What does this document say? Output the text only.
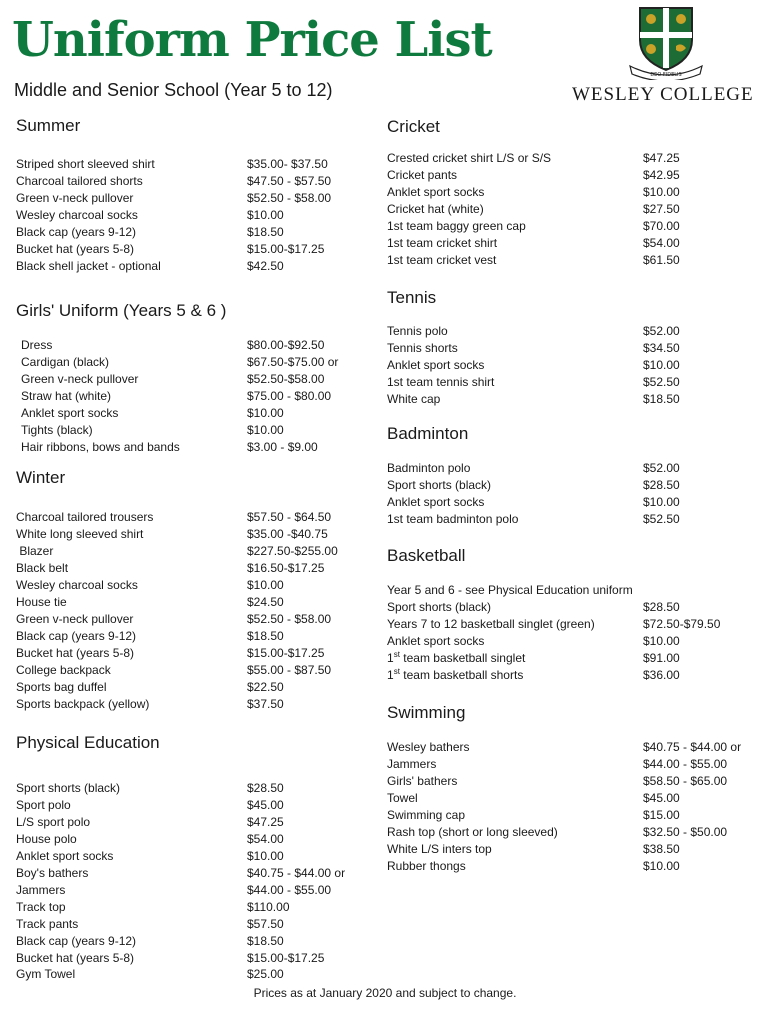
Uniform Price List
Middle and Senior School (Year 5 to 12)
DEO FIDELIS
WESLEY COLLEGE
Summer
Striped short sleeved shirt	$35.00- $37.50
Charcoal tailored shorts	$47.50 - $57.50
Green v-neck pullover	$52.50 - $58.00
Wesley charcoal socks	$10.00
Black cap (years 9-12)	$18.50
Bucket hat (years 5-8)	$15.00-$17.25
Black shell jacket - optional	$42.50
Girls' Uniform (Years 5 & 6 )
Dress	$80.00-$92.50
Cardigan (black)	$67.50-$75.00 or
Green v-neck pullover	$52.50-$58.00
Straw hat (white)	$75.00 - $80.00
Anklet sport socks	$10.00
Tights (black)	$10.00
Hair ribbons, bows and bands	$3.00 - $9.00
Winter
Charcoal tailored trousers	$57.50 - $64.50
White long sleeved shirt	$35.00 -$40.75
Blazer	$227.50-$255.00
Black belt	$16.50-$17.25
Wesley charcoal socks	$10.00
House tie	$24.50
Green v-neck pullover	$52.50 - $58.00
Black cap (years 9-12)	$18.50
Bucket hat (years 5-8)	$15.00-$17.25
College backpack	$55.00 - $87.50
Sports bag duffel	$22.50
Sports backpack (yellow)	$37.50
Physical Education
Sport shorts (black)	$28.50
Sport polo	$45.00
L/S sport polo	$47.25
House polo	$54.00
Anklet sport socks	$10.00
Boy's bathers	$40.75 - $44.00 or
Jammers	$44.00 - $55.00
Track top	$110.00
Track pants	$57.50
Black cap (years 9-12)	$18.50
Bucket hat (years 5-8)	$15.00-$17.25
Gym Towel	$25.00
Cricket
Crested cricket shirt L/S or S/S	$47.25
Cricket pants	$42.95
Anklet sport socks	$10.00
Cricket hat (white)	$27.50
1st team baggy green cap	$70.00
1st team cricket shirt	$54.00
1st team cricket vest	$61.50
Tennis
Tennis polo	$52.00
Tennis shorts	$34.50
Anklet sport socks	$10.00
1st team tennis shirt	$52.50
White cap	$18.50
Badminton
Badminton polo	$52.00
Sport shorts (black)	$28.50
Anklet sport socks	$10.00
1st team badminton polo	$52.50
Basketball
Year 5 and 6 - see Physical Education uniform
Sport shorts (black)	$28.50
Years 7 to 12 basketball singlet (green)	$72.50-$79.50
Anklet sport socks	$10.00
1st team basketball singlet	$91.00
1st team basketball shorts	$36.00
Swimming
Wesley bathers	$40.75 - $44.00 or
Jammers	$44.00 - $55.00
Girls' bathers	$58.50 - $65.00
Towel	$45.00
Swimming cap	$15.00
Rash top (short or long sleeved)	$32.50 - $50.00
White L/S inters top	$38.50
Rubber thongs	$10.00
Prices as at January 2020 and subject to change.
